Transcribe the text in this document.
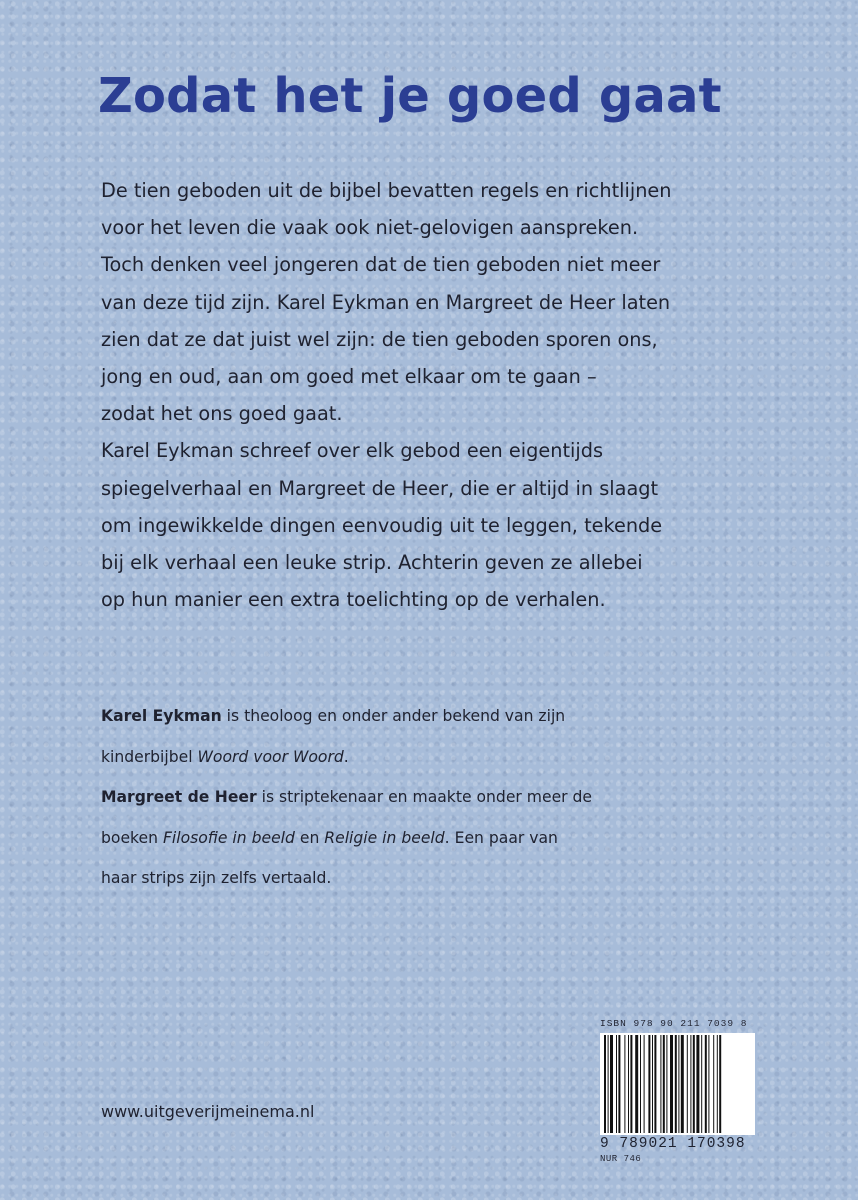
Zodat het je goed gaat
De tien geboden uit de bijbel bevatten regels en richtlijnen
voor het leven die vaak ook niet-gelovigen aanspreken.
Toch denken veel jongeren dat de tien geboden niet meer
van deze tijd zijn. Karel Eykman en Margreet de Heer laten
zien dat ze dat juist wel zijn: de tien geboden sporen ons,
jong en oud, aan om goed met elkaar om te gaan –
zodat het ons goed gaat.
Karel Eykman schreef over elk gebod een eigentijds
spiegelverhaal en Margreet de Heer, die er altijd in slaagt
om ingewikkelde dingen eenvoudig uit te leggen, tekende
bij elk verhaal een leuke strip. Achterin geven ze allebei
op hun manier een extra toelichting op de verhalen.
Karel Eykman is theoloog en onder ander bekend van zijn
kinderbijbel Woord voor Woord.
Margreet de Heer is striptekenaar en maakte onder meer de
boeken Filosofie in beeld en Religie in beeld. Een paar van
haar strips zijn zelfs vertaald.
www.uitgeverijmeinema.nl
ISBN 978 90 211 7039 8
9 789021 170398
NUR 746
